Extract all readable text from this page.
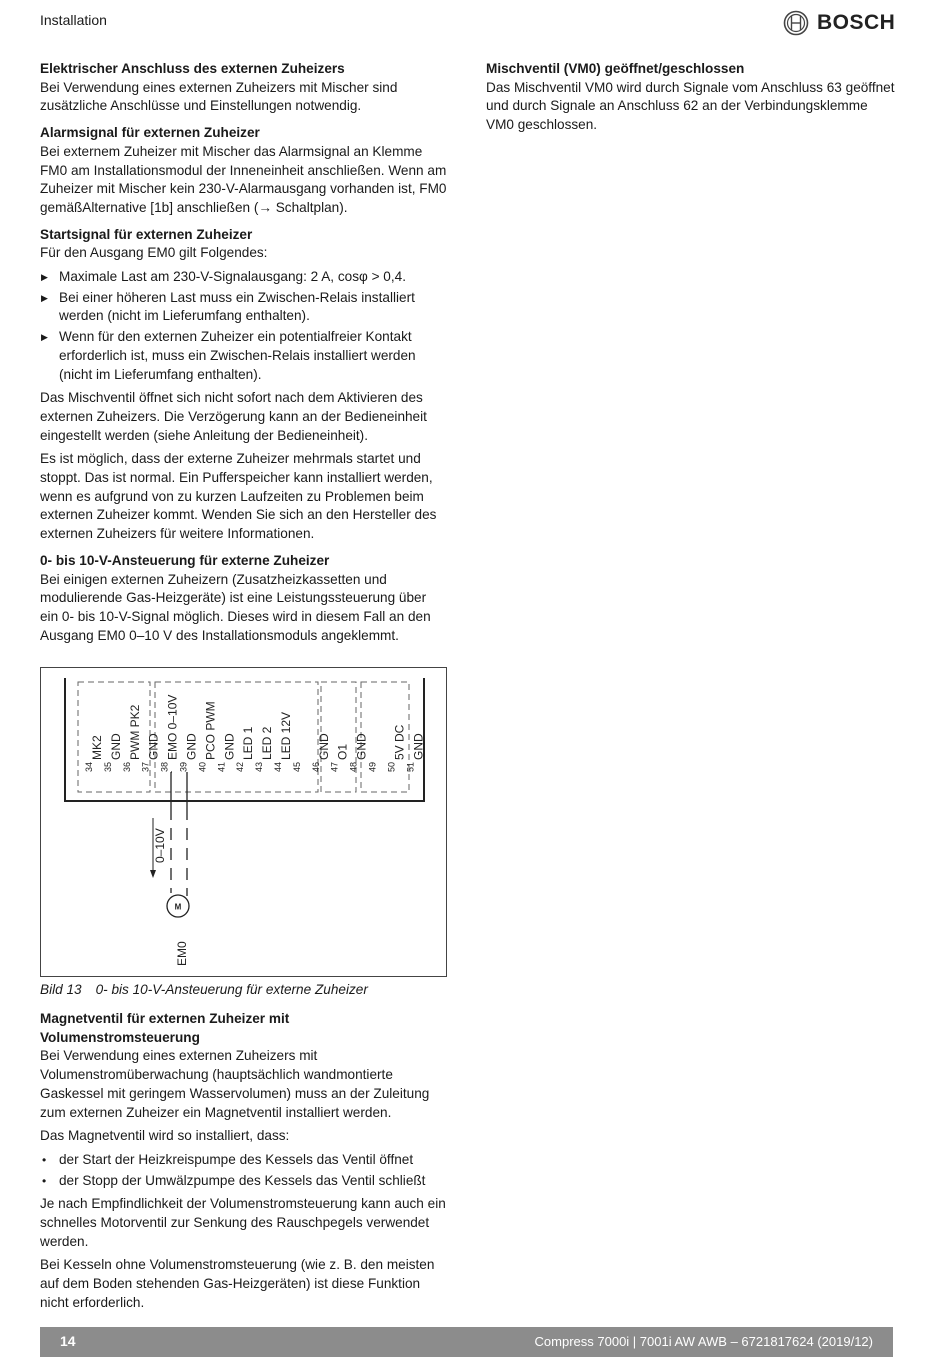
Installation	BOSCH
Elektrischer Anschluss des externen Zuheizers

Bei Verwendung eines externen Zuheizers mit Mischer sind zusätzliche Anschlüsse und Einstellungen notwendig.

Alarmsignal für externen Zuheizer

Bei externem Zuheizer mit Mischer das Alarmsignal an Klemme FM0 am Installationsmodul der Inneneinheit anschließen. Wenn am Zuheizer mit Mischer kein 230-V-Alarmausgang vorhanden ist, FM0 gemäßAlternative [1b] anschließen (→ Schaltplan).

Startsignal für externen Zuheizer

Für den Ausgang EM0 gilt Folgendes:

▶ Maximale Last am 230-V-Signalausgang: 2 A, cosφ > 0,4.
▶ Bei einer höheren Last muss ein Zwischen-Relais installiert werden (nicht im Lieferumfang enthalten).
▶ Wenn für den externen Zuheizer ein potentialfreier Kontakt erforderlich ist, muss ein Zwischen-Relais installiert werden (nicht im Lieferumfang enthalten).

Das Mischventil öffnet sich nicht sofort nach dem Aktivieren des externen Zuheizers. Die Verzögerung kann an der Bedieneinheit eingestellt werden (siehe Anleitung der Bedieneinheit).

Es ist möglich, dass der externe Zuheizer mehrmals startet und stoppt. Das ist normal. Ein Pufferspeicher kann installiert werden, wenn es aufgrund von zu kurzen Laufzeiten zu Problemen beim externen Zuheizer kommt. Wenden Sie sich an den Hersteller des externen Zuheizers für weitere Informationen.

0- bis 10-V-Ansteuerung für externe Zuheizer

Bei einigen externen Zuheizern (Zusatzheizkassetten und modulierende Gas-Heizgeräte) ist eine Leistungssteuerung über ein 0- bis 10-V-Signal möglich. Dieses wird in diesem Fall an den Ausgang EM0 0–10 V des Installationsmoduls angeklemmt.

34
MK2
35
GND
36
PWM PK2
37
GND
38
EMO 0–10V
39
GND
40
PCO PWM
41
GND
42
LED 1
43
LED 2
44
LED 12V
45 46
GND
47
O1
48
GND
49 50
5V DC
51
GND
0–10V
M
EM0
Bild 13 0- bis 10-V-Ansteuerung für externe Zuheizer
Magnetventil für externen Zuheizer mit Volumenstromsteuerung

Bei Verwendung eines externen Zuheizers mit Volumenstromüberwachung (hauptsächlich wandmontierte Gaskessel mit geringem Wasservolumen) muss an der Zuleitung zum externen Zuheizer ein Magnetventil installiert werden.

Das Magnetventil wird so installiert, dass:

• der Start der Heizkreispumpe des Kessels das Ventil öffnet
• der Stopp der Umwälzpumpe des Kessels das Ventil schließt

Je nach Empfindlichkeit der Volumenstromsteuerung kann auch ein schnelles Motorventil zur Senkung des Rauschpegels verwendet werden.

Bei Kesseln ohne Volumenstromsteuerung (wie z. B. den meisten auf dem Boden stehenden Gas-Heizgeräten) ist diese Funktion nicht erforderlich.

Mischventil (VM0) geöffnet/geschlossen

Das Mischventil VM0 wird durch Signale vom Anschluss 63 geöffnet und durch Signale an Anschluss 62 an der Verbindungsklemme VM0 geschlossen.

14	Compress 7000i | 7001i AW AWB – 6721817624 (2019/12)
